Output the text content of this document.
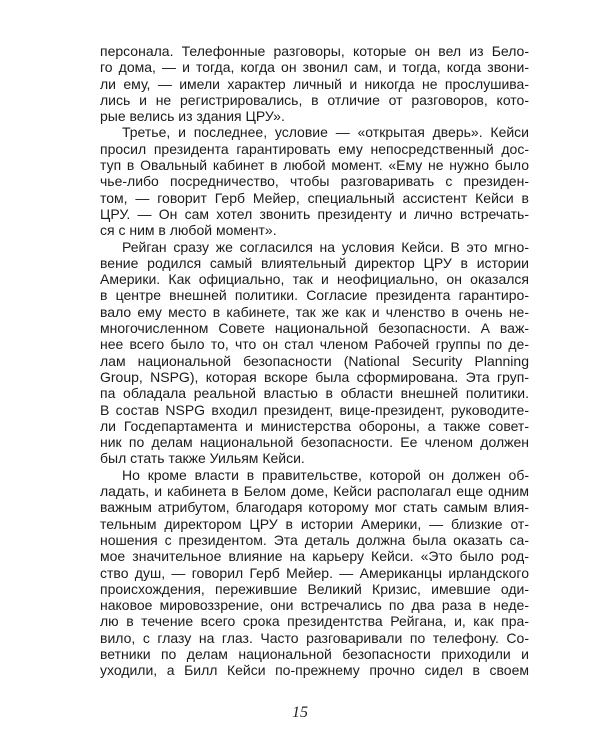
персонала. Телефонные разговоры, которые он вел из Бело-
го дома, — и тогда, когда он звонил сам, и тогда, когда звони-
ли ему, — имели характер личный и никогда не прослушива-
лись и не регистрировались, в отличие от разговоров, кото-
рые велись из здания ЦРУ».
Третье, и последнее, условие — «открытая дверь». Кейси
просил президента гарантировать ему непосредственный дос-
туп в Овальный кабинет в любой момент. «Ему не нужно было
чье-либо посредничество, чтобы разговаривать с президен-
том, — говорит Герб Мейер, специальный ассистент Кейси в
ЦРУ. — Он сам хотел звонить президенту и лично встречать-
ся с ним в любой момент».
Рейган сразу же согласился на условия Кейси. В это мгно-
вение родился самый влиятельный директор ЦРУ в истории
Америки. Как официально, так и неофициально, он оказался
в центре внешней политики. Согласие президента гарантиро-
вало ему место в кабинете, так же как и членство в очень не-
многочисленном Совете национальной безопасности. А важ-
нее всего было то, что он стал членом Рабочей группы по де-
лам национальной безопасности (National Security Planning
Group, NSPG), которая вскоре была сформирована. Эта груп-
па обладала реальной властью в области внешней политики.
В состав NSPG входил президент, вице-президент, руководите-
ли Госдепартамента и министерства обороны, а также совет-
ник по делам национальной безопасности. Ее членом должен
был стать также Уильям Кейси.
Но кроме власти в правительстве, которой он должен об-
ладать, и кабинета в Белом доме, Кейси располагал еще одним
важным атрибутом, благодаря которому мог стать самым влия-
тельным директором ЦРУ в истории Америки, — близкие от-
ношения с президентом. Эта деталь должна была оказать са-
мое значительное влияние на карьеру Кейси. «Это было род-
ство душ, — говорил Герб Мейер. — Американцы ирландского
происхождения, пережившие Великий Кризис, имевшие оди-
наковое мировоззрение, они встречались по два раза в неде-
лю в течение всего срока президентства Рейгана, и, как пра-
вило, с глазу на глаз. Часто разговаривали по телефону. Со-
ветники по делам национальной безопасности приходили и
уходили, а Билл Кейси по-прежнему прочно сидел в своем
15
